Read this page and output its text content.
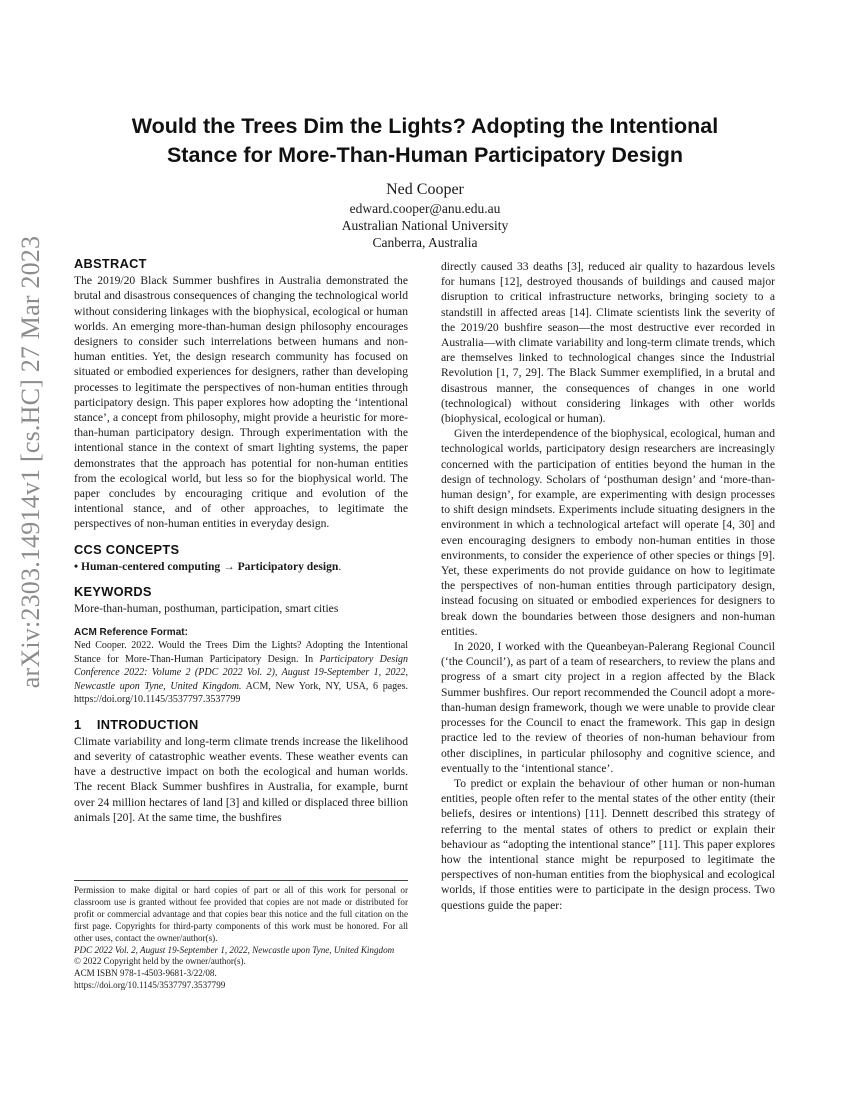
arXiv:2303.14914v1 [cs.HC] 27 Mar 2023
Would the Trees Dim the Lights? Adopting the Intentional
Stance for More-Than-Human Participatory Design
Ned Cooper
edward.cooper@anu.edu.au
Australian National University
Canberra, Australia
ABSTRACT

The 2019/20 Black Summer bushfires in Australia demonstrated the brutal and disastrous consequences of changing the technological world without considering linkages with the biophysical, ecological or human worlds. An emerging more-than-human design philosophy encourages designers to consider such interrelations between humans and non-human entities. Yet, the design research community has focused on situated or embodied experiences for designers, rather than developing processes to legitimate the perspectives of non-human entities through participatory design. This paper explores how adopting the ‘intentional stance’, a concept from philosophy, might provide a heuristic for more-than-human participatory design. Through experimentation with the intentional stance in the context of smart lighting systems, the paper demonstrates that the approach has potential for non-human entities from the ecological world, but less so for the biophysical world. The paper concludes by encouraging critique and evolution of the intentional stance, and of other approaches, to legitimate the perspectives of non-human entities in everyday design.

CCS CONCEPTS

• Human-centered computing → Participatory design.

KEYWORDS

More-than-human, posthuman, participation, smart cities

ACM Reference Format:

Ned Cooper. 2022. Would the Trees Dim the Lights? Adopting the Intentional Stance for More-Than-Human Participatory Design. In Participatory Design Conference 2022: Volume 2 (PDC 2022 Vol. 2), August 19-September 1, 2022, Newcastle upon Tyne, United Kingdom. ACM, New York, NY, USA, 6 pages. https://doi.org/10.1145/3537797.3537799

1    INTRODUCTION

Climate variability and long-term climate trends increase the likelihood and severity of catastrophic weather events. These weather events can have a destructive impact on both the ecological and human worlds. The recent Black Summer bushfires in Australia, for example, burnt over 24 million hectares of land [3] and killed or displaced three billion animals [20]. At the same time, the bushfires

Permission to make digital or hard copies of part or all of this work for personal or classroom use is granted without fee provided that copies are not made or distributed for profit or commercial advantage and that copies bear this notice and the full citation on the first page. Copyrights for third-party components of this work must be honored. For all other uses, contact the owner/author(s).

PDC 2022 Vol. 2, August 19-September 1, 2022, Newcastle upon Tyne, United Kingdom

© 2022 Copyright held by the owner/author(s).

ACM ISBN 978-1-4503-9681-3/22/08.

https://doi.org/10.1145/3537797.3537799

directly caused 33 deaths [3], reduced air quality to hazardous levels for humans [12], destroyed thousands of buildings and caused major disruption to critical infrastructure networks, bringing society to a standstill in affected areas [14]. Climate scientists link the severity of the 2019/20 bushfire season—the most destructive ever recorded in Australia—with climate variability and long-term climate trends, which are themselves linked to technological changes since the Industrial Revolution [1, 7, 29]. The Black Summer exemplified, in a brutal and disastrous manner, the consequences of changes in one world (technological) without considering linkages with other worlds (biophysical, ecological or human).

Given the interdependence of the biophysical, ecological, human and technological worlds, participatory design researchers are increasingly concerned with the participation of entities beyond the human in the design of technology. Scholars of ‘posthuman design’ and ‘more-than-human design’, for example, are experimenting with design processes to shift design mindsets. Experiments include situating designers in the environment in which a technological artefact will operate [4, 30] and even encouraging designers to embody non-human entities in those environments, to consider the experience of other species or things [9]. Yet, these experiments do not provide guidance on how to legitimate the perspectives of non-human entities through participatory design, instead focusing on situated or embodied experiences for designers to break down the boundaries between those designers and non-human entities.

In 2020, I worked with the Queanbeyan-Palerang Regional Council (‘the Council’), as part of a team of researchers, to review the plans and progress of a smart city project in a region affected by the Black Summer bushfires. Our report recommended the Council adopt a more-than-human design framework, though we were unable to provide clear processes for the Council to enact the framework. This gap in design practice led to the review of theories of non-human behaviour from other disciplines, in particular philosophy and cognitive science, and eventually to the ‘intentional stance’.

To predict or explain the behaviour of other human or non-human entities, people often refer to the mental states of the other entity (their beliefs, desires or intentions) [11]. Dennett described this strategy of referring to the mental states of others to predict or explain their behaviour as “adopting the intentional stance” [11]. This paper explores how the intentional stance might be repurposed to legitimate the perspectives of non-human entities from the biophysical and ecological worlds, if those entities were to participate in the design process. Two questions guide the paper:
